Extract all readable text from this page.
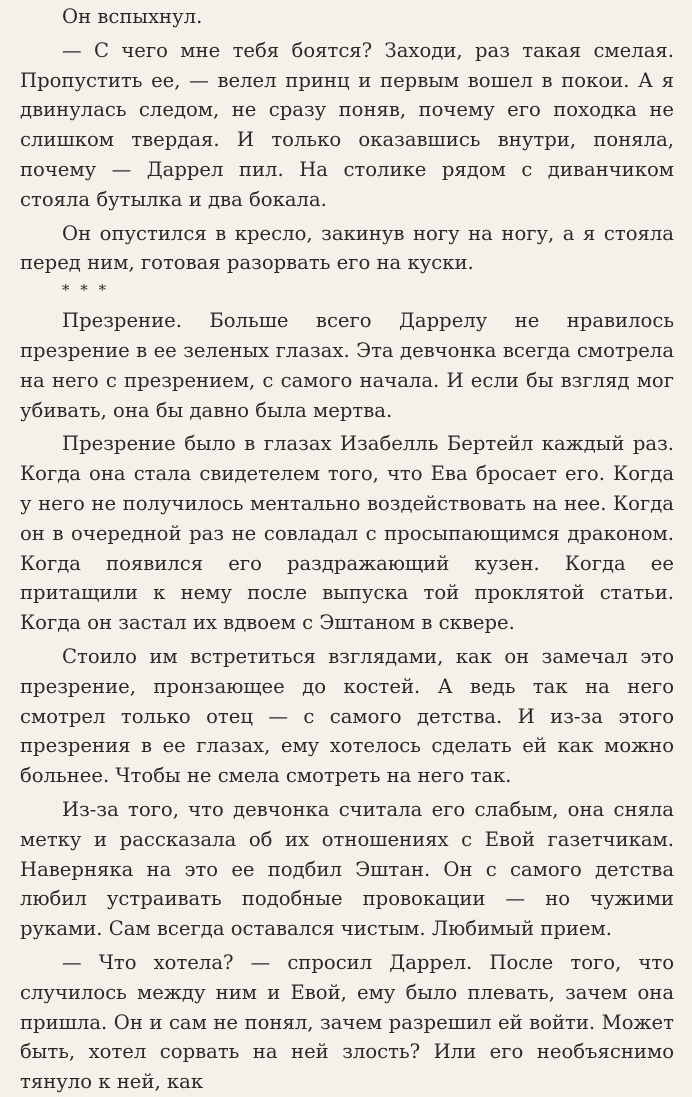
Он вспыхнул.

— С чего мне тебя боятся? Заходи, раз такая смелая. Пропустить ее, — велел принц и первым вошел в покои. А я двинулась следом, не сразу поняв, почему его походка не слишком твердая. И только оказавшись внутри, поняла, почему — Даррел пил. На столике рядом с диванчиком стояла бутылка и два бокала.

Он опустился в кресло, закинув ногу на ногу, а я стояла перед ним, готовая разорвать его на куски.

* * *

Презрение. Больше всего Даррелу не нравилось презрение в ее зеленых глазах. Эта девчонка всегда смотрела на него с презрением, с самого начала. И если бы взгляд мог убивать, она бы давно была мертва.

Презрение было в глазах Изабелль Бертейл каждый раз. Когда она стала свидетелем того, что Ева бросает его. Когда у него не получилось ментально воздействовать на нее. Когда он в очередной раз не совладал с просыпающимся драконом. Когда появился его раздражающий кузен. Когда ее притащили к нему после выпуска той проклятой статьи. Когда он застал их вдвоем с Эштаном в сквере.

Стоило им встретиться взглядами, как он замечал это презрение, пронзающее до костей. А ведь так на него смотрел только отец — с самого детства. И из-за этого презрения в ее глазах, ему хотелось сделать ей как можно больнее. Чтобы не смела смотреть на него так.

Из-за того, что девчонка считала его слабым, она сняла метку и рассказала об их отношениях с Евой газетчикам. Наверняка на это ее подбил Эштан. Он с самого детства любил устраивать подобные провокации — но чужими руками. Сам всегда оставался чистым. Любимый прием.

— Что хотела? — спросил Даррел. После того, что случилось между ним и Евой, ему было плевать, зачем она пришла. Он и сам не понял, зачем разрешил ей войти. Может быть, хотел сорвать на ней злость? Или его необъяснимо тянуло к ней, как
